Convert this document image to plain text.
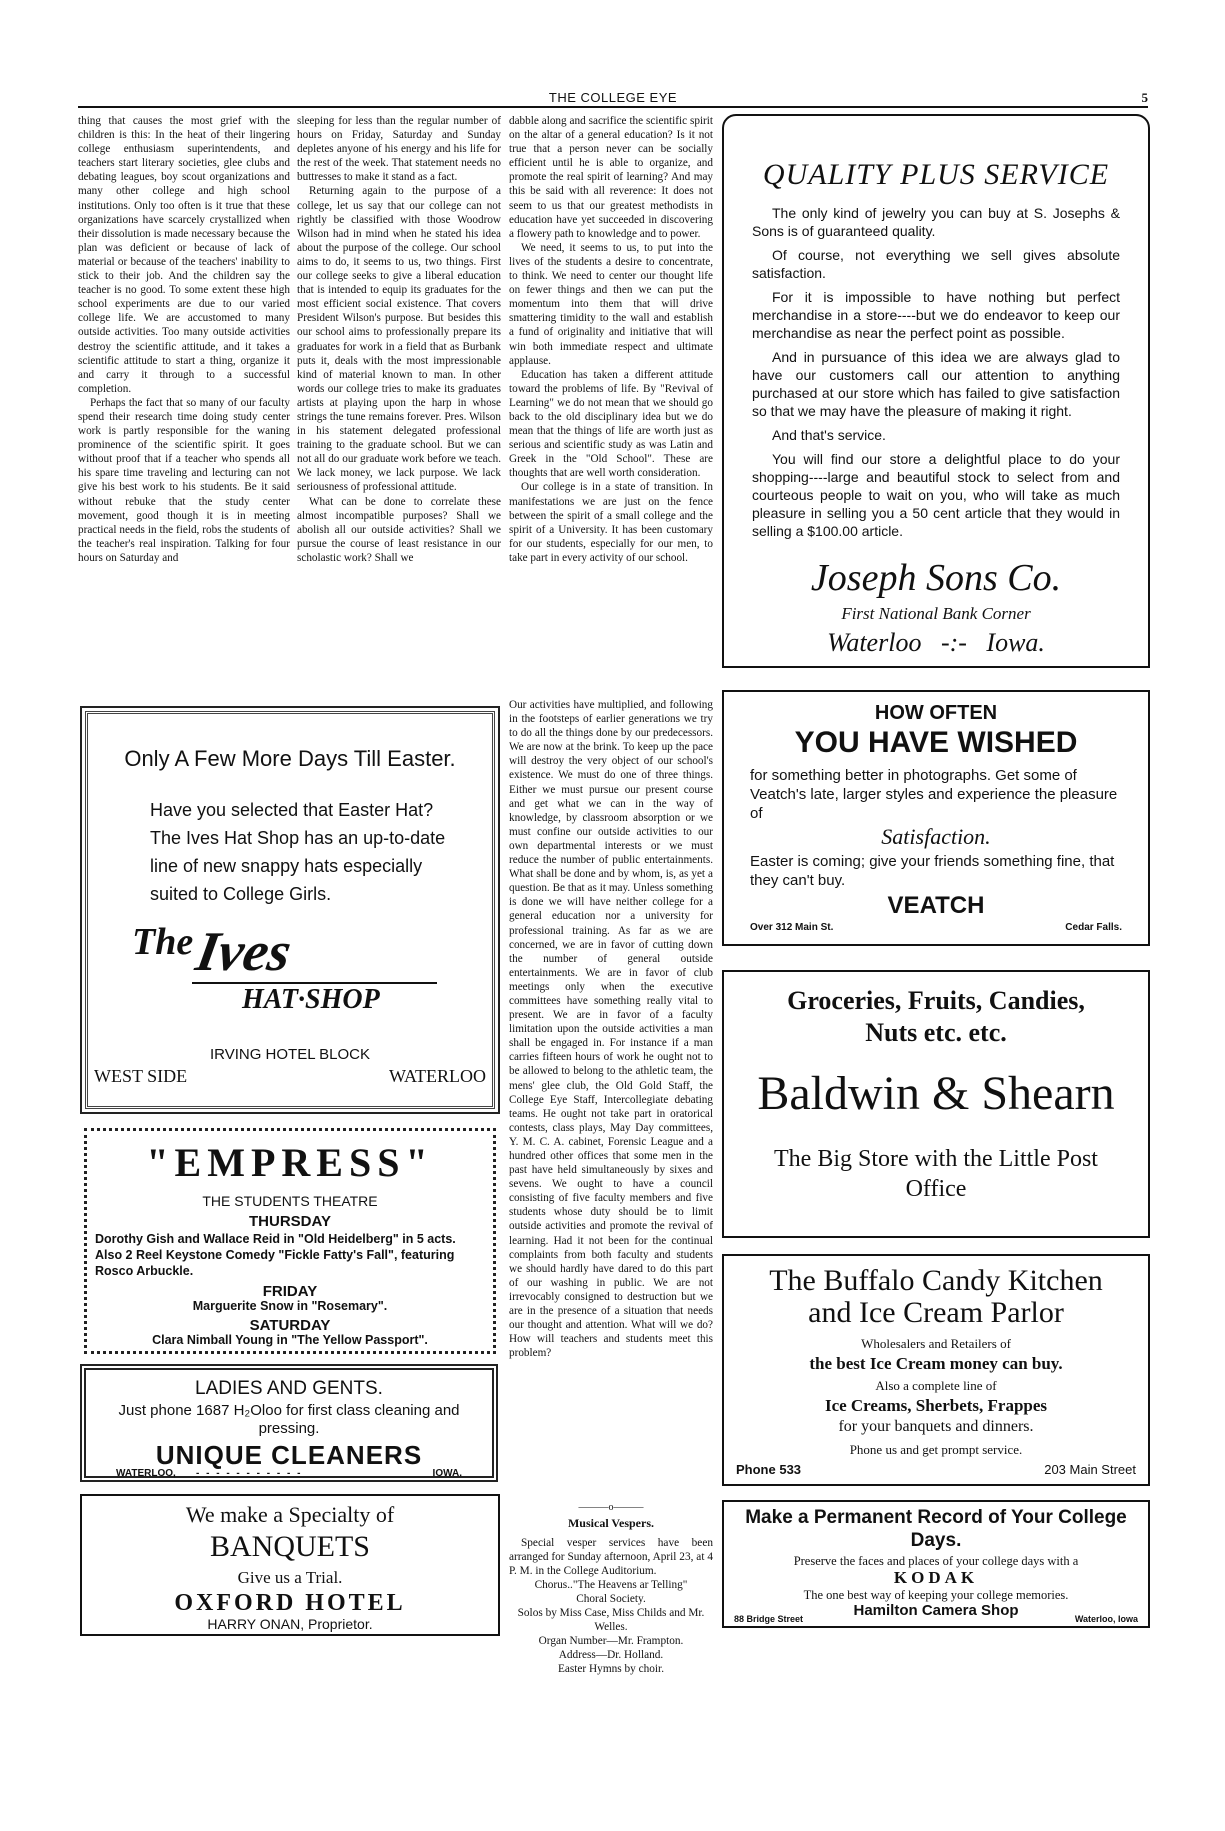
THE COLLEGE EYE	5

thing that causes the most grief with the children is this: In the heat of their lingering college enthusiasm superintendents, and teachers start literary societies, glee clubs and debating leagues, boy scout organizations and many other college and high school institutions. Only too often is it true that these organizations have scarcely crystallized when their dissolution is made necessary because the plan was deficient or because of lack of material or because of the teachers' inability to stick to their job. And the children say the teacher is no good. To some extent these high school experiments are due to our varied college life. We are accustomed to many outside activities. Too many outside activities destroy the scientific attitude, and it takes a scientific attitude to start a thing, organize it and carry it through to a successful completion.

Perhaps the fact that so many of our faculty spend their research time doing study center work is partly responsible for the waning prominence of the scientific spirit. It goes without proof that if a teacher who spends all his spare time traveling and lecturing can not give his best work to his students. Be it said without rebuke that the study center movement, good though it is in meeting practical needs in the field, robs the students of the teacher's real inspiration. Talking for four hours on Saturday and

sleeping for less than the regular number of hours on Friday, Saturday and Sunday depletes anyone of his energy and his life for the rest of the week. That statement needs no buttresses to make it stand as a fact.

Returning again to the purpose of a college, let us say that our college can not rightly be classified with those Woodrow Wilson had in mind when he stated his idea about the purpose of the college. Our school aims to do, it seems to us, two things. First our college seeks to give a liberal education that is intended to equip its graduates for the most efficient social existence. That covers President Wilson's purpose. But besides this our school aims to professionally prepare its graduates for work in a field that as Burbank puts it, deals with the most impressionable kind of material known to man. In other words our college tries to make its graduates artists at playing upon the harp in whose strings the tune remains forever. Pres. Wilson in his statement delegated professional training to the graduate school. But we can not all do our graduate work before we teach. We lack money, we lack purpose. We lack seriousness of professional attitude.

What can be done to correlate these almost incompatible purposes? Shall we abolish all our outside activities? Shall we pursue the course of least resistance in our scholastic work? Shall we

dabble along and sacrifice the scientific spirit on the altar of a general education? Is it not true that a person never can be socially efficient until he is able to organize, and promote the real spirit of learning? And may this be said with all reverence: It does not seem to us that our greatest methodists in education have yet succeeded in discovering a flowery path to knowledge and to power.

We need, it seems to us, to put into the lives of the students a desire to concentrate, to think. We need to center our thought life on fewer things and then we can put the momentum into them that will drive smattering timidity to the wall and establish a fund of originality and initiative that will win both immediate respect and ultimate applause.

Education has taken a different attitude toward the problems of life. By "Revival of Learning" we do not mean that we should go back to the old disciplinary idea but we do mean that the things of life are worth just as serious and scientific study as was Latin and Greek in the "Old School". These are thoughts that are well worth consideration.

Our college is in a state of transition. In manifestations we are just on the fence between the spirit of a small college and the spirit of a University. It has been customary for our students, especially for our men, to take part in every activity of our school.

Our activities have multiplied, and following in the footsteps of earlier generations we try to do all the things done by our predecessors. We are now at the brink. To keep up the pace will destroy the very object of our school's existence. We must do one of three things. Either we must pursue our present course and get what we can in the way of knowledge, by classroom absorption or we must confine our outside activities to our own departmental interests or we must reduce the number of public entertainments. What shall be done and by whom, is, as yet a question. Be that as it may. Unless something is done we will have neither college for a general education nor a university for professional training. As far as we are concerned, we are in favor of cutting down the number of general outside entertainments. We are in favor of club meetings only when the executive committees have something really vital to present. We are in favor of a faculty limitation upon the outside activities a man shall be engaged in. For instance if a man carries fifteen hours of work he ought not to be allowed to belong to the athletic team, the mens' glee club, the Old Gold Staff, the College Eye Staff, Intercollegiate debating teams. He ought not take part in oratorical contests, class plays, May Day committees, Y. M. C. A. cabinet, Forensic League and a hundred other offices that some men in the past have held simultaneously by sixes and sevens. We ought to have a council consisting of five faculty members and five students whose duty should be to limit outside activities and promote the revival of learning. Had it not been for the continual complaints from both faculty and students we should hardly have dared to do this part of our washing in public. We are not irrevocably consigned to destruction but we are in the presence of a situation that needs our thought and attention. What will we do? How will teachers and students meet this problem?

———o———
Musical Vespers.
Special vesper services have been arranged for Sunday afternoon, April 23, at 4 P. M. in the College Auditorium.
Chorus.."The Heavens ar Telling"
Choral Society.
Solos by Miss Case, Miss Childs and Mr. Welles.
Organ Number—Mr. Frampton.
Address—Dr. Holland.
Easter Hymns by choir.
Only A Few More Days Till Easter.
Have you selected that Easter Hat?
The Ives Hat Shop has an up-to-date line of new snappy hats especially suited to College Girls.
The
Ives
HAT·SHOP
IRVING HOTEL BLOCK
WEST SIDE	WATERLOO
"EMPRESS"
THE STUDENTS THEATRE
THURSDAY
Dorothy Gish and Wallace Reid in "Old Heidelberg" in 5 acts. Also 2 Reel Keystone Comedy "Fickle Fatty's Fall", featuring Rosco Arbuckle.
FRIDAY
Marguerite Snow in "Rosemary".
SATURDAY
Clara Nimball Young in "The Yellow Passport".
LADIES AND GENTS.
Just phone 1687 H₂Oloo for first class cleaning and pressing.
UNIQUE CLEANERS
WATERLOO, - - - - - - - - - - -	IOWA.
We make a Specialty of
BANQUETS
Give us a Trial.
OXFORD HOTEL
HARRY ONAN, Proprietor.
QUALITY PLUS SERVICE
The only kind of jewelry you can buy at S. Josephs & Sons is of guaranteed quality.
Of course, not everything we sell gives absolute satisfaction.
For it is impossible to have nothing but perfect merchandise in a store----but we do endeavor to keep our merchandise as near the perfect point as possible.
And in pursuance of this idea we are always glad to have our customers call our attention to anything purchased at our store which has failed to give satisfaction so that we may have the pleasure of making it right.
And that's service.
You will find our store a delightful place to do your shopping----large and beautiful stock to select from and courteous people to wait on you, who will take as much pleasure in selling you a 50 cent article that they would in selling a $100.00 article.
Joseph Sons Co.
First National Bank Corner
Waterloo   -:-   Iowa.
HOW OFTEN
YOU HAVE WISHED
for something better in photographs. Get some of Veatch's late, larger styles and experience the pleasure of
Satisfaction.
Easter is coming; give your friends something fine, that they can't buy.
VEATCH
Over 312 Main St.	Cedar Falls.
Groceries, Fruits, Candies,
Nuts etc. etc.
Baldwin & Shearn
The Big Store with the Little Post Office
The Buffalo Candy Kitchen
and Ice Cream Parlor
Wholesalers and Retailers of
the best Ice Cream money can buy.
Also a complete line of
Ice Creams, Sherbets, Frappes
for your banquets and dinners.
Phone us and get prompt service.
Phone 533	203 Main Street
Make a Permanent Record of Your College Days.
Preserve the faces and places of your college days with a
KODAK
The one best way of keeping your college memories.
Hamilton Camera Shop
88 Bridge Street	Waterloo, Iowa
